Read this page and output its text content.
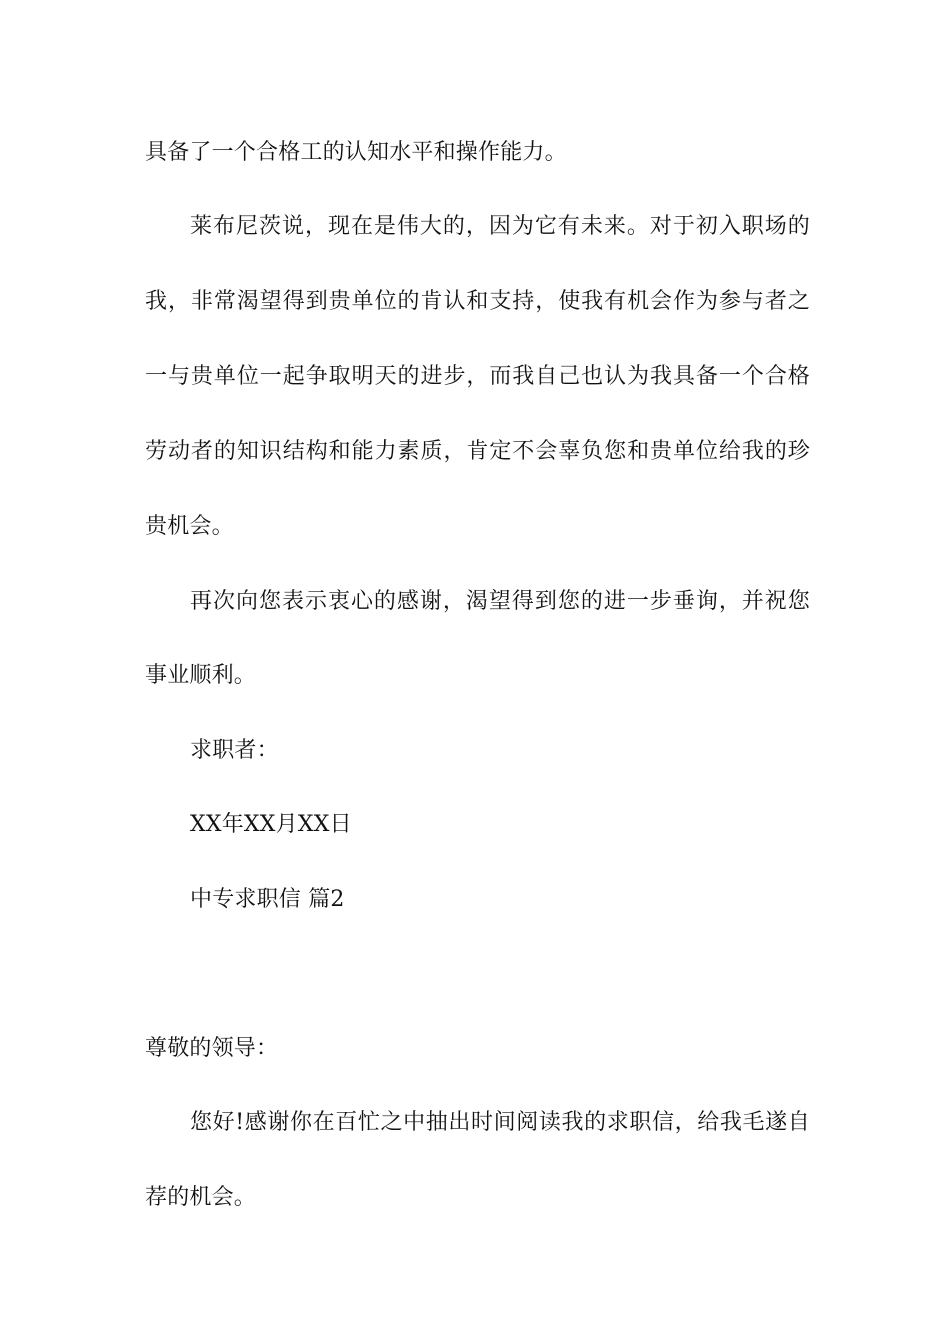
具备了一个合格工的认知水平和操作能力。
莱布尼茨说，现在是伟大的，因为它有未来。对于初入职场的
我，非常渴望得到贵单位的肯认和支持，使我有机会作为参与者之
一与贵单位一起争取明天的进步，而我自己也认为我具备一个合格
劳动者的知识结构和能力素质，肯定不会辜负您和贵单位给我的珍
贵机会。
再次向您表示衷心的感谢，渴望得到您的进一步垂询，并祝您
事业顺利。
求职者：
XX年XX月XX日
中专求职信 篇2
尊敬的领导：
您好!感谢你在百忙之中抽出时间阅读我的求职信，给我毛遂自
荐的机会。
